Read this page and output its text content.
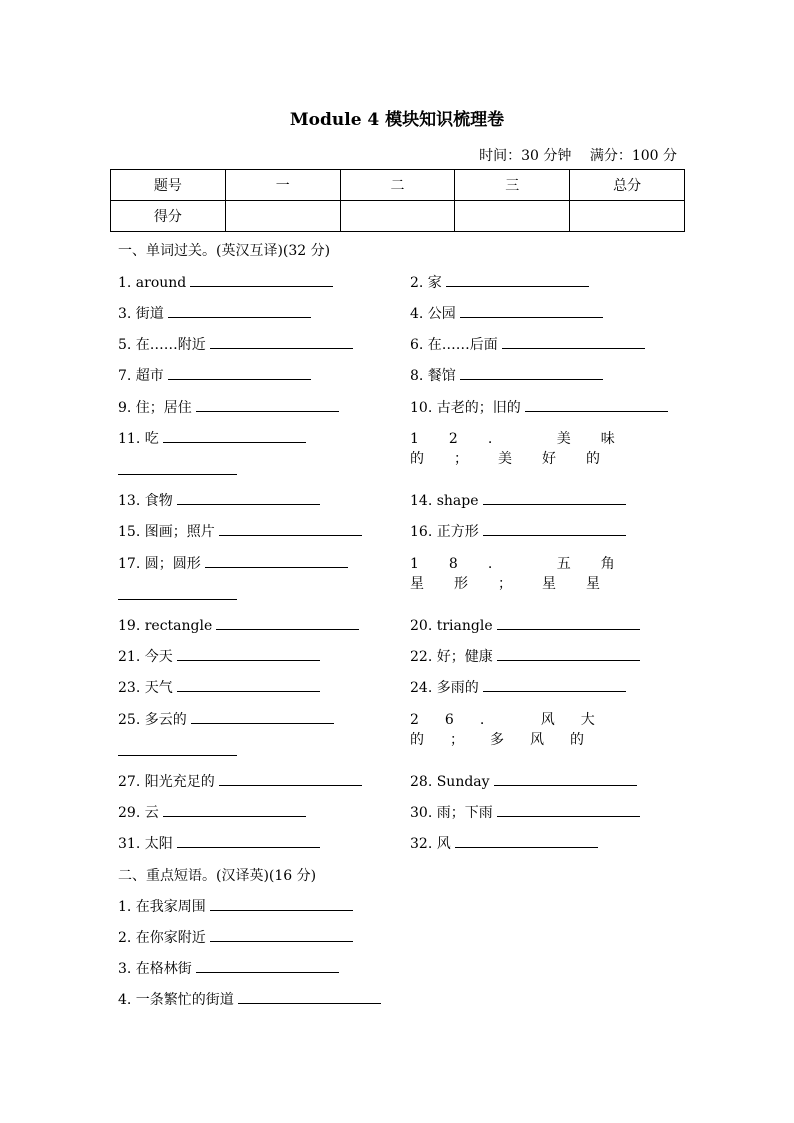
Module 4 模块知识梳理卷
时间：30 分钟 满分：100 分
题号	一	二	三	总分
得分				
一、单词过关。(英汉互译)(32 分)
1. around	2. 家
3. 街道	4. 公园
5. 在……附近	6. 在……后面
7. 超市	8. 餐馆
9. 住；居住	10. 古老的；旧的
11. 吃	12. 美味的；美好的
13. 食物	14. shape
15. 图画；照片	16. 正方形
17. 圆；圆形	18. 五角星形；星星
19. rectangle	20. triangle
21. 今天	22. 好；健康
23. 天气	24. 多雨的
25. 多云的	26. 风大的；多风的
27. 阳光充足的	28. Sunday
29. 云	30. 雨；下雨
31. 太阳	32. 风
二、重点短语。(汉译英)(16 分)
1. 在我家周围
2. 在你家附近
3. 在格林街
4. 一条繁忙的街道
